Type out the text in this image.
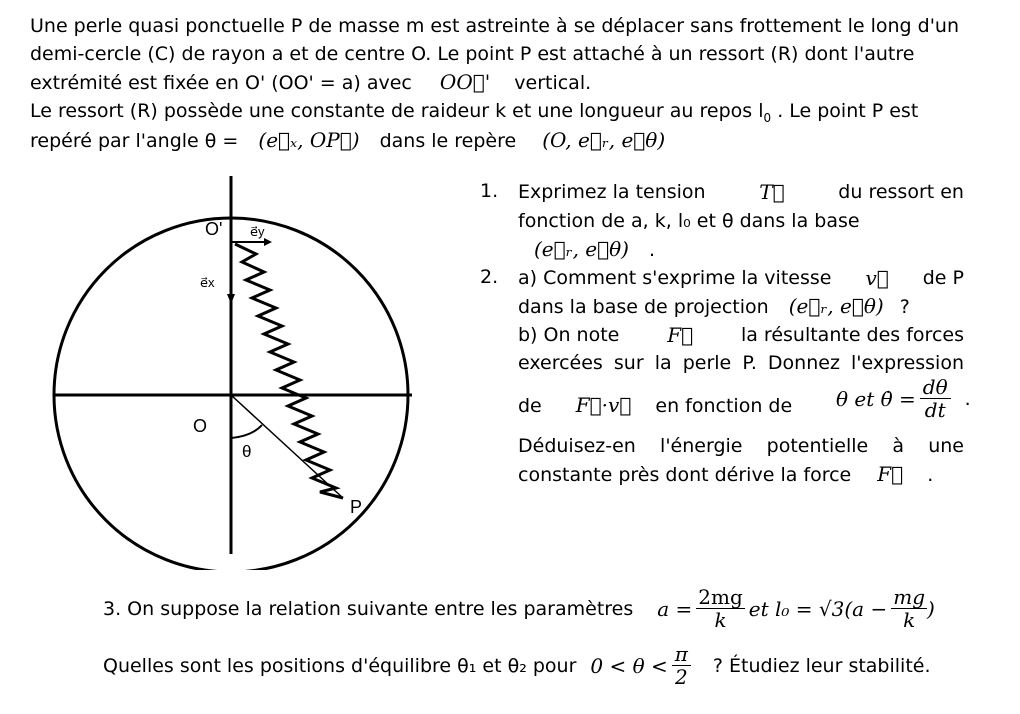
Une perle quasi ponctuelle P de masse m est astreinte à se déplacer sans frottement le long d'un
demi-cercle (C) de rayon a et de centre O. Le point P est attaché à un ressort (R) dont l'autre
extrémité est fixée en O' (OO' = a) avec OO⃗' vertical.
Le ressort (R) possède une constante de raideur k et une longueur au repos $l_0$ . Le point P est
repéré par l'angle θ = (e⃗ₓ, OP⃗) dans le repère (O, e⃗ᵣ, e⃗θ)
O' e⃗y
e⃗x
O
θ
P
1. Exprimez la tension	T⃗	du ressort en
fonction de a, k, l₀ et θ dans la base
(e⃗ᵣ, e⃗θ) .
2. a) Comment s'exprime la vitesse v⃗ de P
dans la base de projection (e⃗ᵣ, e⃗θ) ?
b) On note F⃗	la résultante des forces
exercées sur la perle P. Donnez l'expression
de F⃗·v⃗ en fonction de θ et θ̇ = $\frac{d\theta}{dt}$ .
Déduisez-en l'énergie potentielle à une
constante près dont dérive la force F⃗ .
3. On suppose la relation suivante entre les paramètres $a = \frac{2mg}{k}$ et $l_0 = √3(a - \frac{mg}{k}$ )
Quelles sont les positions d'équilibre θ₁ et θ₂ pour $0 < \theta < \frac{\pi}{2}$ ? Étudiez leur stabilité.
